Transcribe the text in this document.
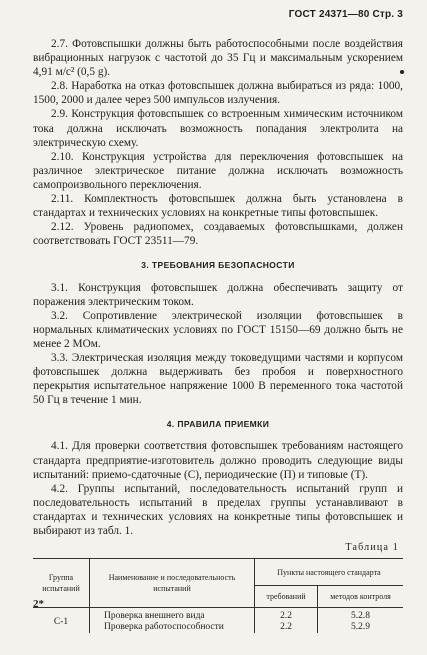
ГОСТ 24371—80 Стр. 3

2.7. Фотовспышки должны быть работоспособными после воздействия вибрационных нагрузок с частотой до 35 Гц и максимальным ускорением 4,91 м/с² (0,5 g).

2.8. Наработка на отказ фотовспышек должна выбираться из ряда: 1000, 1500, 2000 и далее через 500 импульсов излучения.

2.9. Конструкция фотовспышек со встроенным химическим источником тока должна исключать возможность попадания электролита на электрическую схему.

2.10. Конструкция устройства для переключения фотовспышек на различное электрическое питание должна исключать возможность самопроизвольного переключения.

2.11. Комплектность фотовспышек должна быть установлена в стандартах и технических условиях на конкретные типы фотовспышек.

2.12. Уровень радиопомех, создаваемых фотовспышками, должен соответствовать ГОСТ 23511—79.

3. ТРЕБОВАНИЯ БЕЗОПАСНОСТИ

3.1. Конструкция фотовспышек должна обеспечивать защиту от поражения электрическим током.

3.2. Сопротивление электрической изоляции фотовспышек в нормальных климатических условиях по ГОСТ 15150—69 должно быть не менее 2 МОм.

3.3. Электрическая изоляция между токоведущими частями и корпусом фотовспышек должна выдерживать без пробоя и поверхностного перекрытия испытательное напряжение 1000 В переменного тока частотой 50 Гц в течение 1 мин.

4. ПРАВИЛА ПРИЕМКИ

4.1. Для проверки соответствия фотовспышек требованиям настоящего стандарта предприятие-изготовитель должно проводить следующие виды испытаний: приемо-сдаточные (С), периодические (П) и типовые (Т).

4.2. Группы испытаний, последовательность испытаний групп и последовательность испытаний в пределах группы устанавливают в стандартах и технических условиях на конкретные типы фотовспышек и выбирают из табл. 1.

Таблица 1
Группа испытаний	Наименование и последовательность испытаний	Пункты настоящего стандарта	
		требований	методов контроля
С-1	Проверка внешнего вида	2.2	5.2.8
	Проверка работоспособности	2.2	5.2.9
2*
